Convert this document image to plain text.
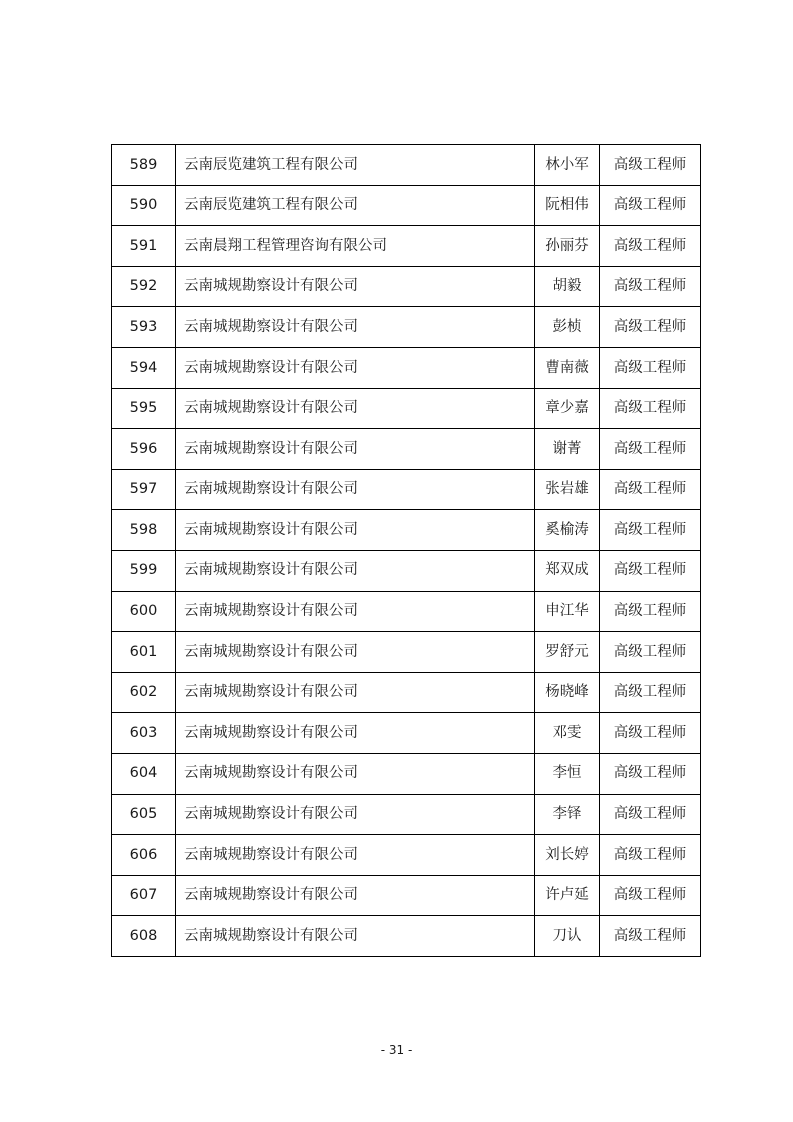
589	云南辰览建筑工程有限公司	林小军	高级工程师
590	云南辰览建筑工程有限公司	阮相伟	高级工程师
591	云南晨翔工程管理咨询有限公司	孙丽芬	高级工程师
592	云南城规勘察设计有限公司	胡毅	高级工程师
593	云南城规勘察设计有限公司	彭桢	高级工程师
594	云南城规勘察设计有限公司	曹南薇	高级工程师
595	云南城规勘察设计有限公司	章少嘉	高级工程师
596	云南城规勘察设计有限公司	谢菁	高级工程师
597	云南城规勘察设计有限公司	张岩雄	高级工程师
598	云南城规勘察设计有限公司	奚榆涛	高级工程师
599	云南城规勘察设计有限公司	郑双成	高级工程师
600	云南城规勘察设计有限公司	申江华	高级工程师
601	云南城规勘察设计有限公司	罗舒元	高级工程师
602	云南城规勘察设计有限公司	杨晓峰	高级工程师
603	云南城规勘察设计有限公司	邓雯	高级工程师
604	云南城规勘察设计有限公司	李恒	高级工程师
605	云南城规勘察设计有限公司	李铎	高级工程师
606	云南城规勘察设计有限公司	刘长婷	高级工程师
607	云南城规勘察设计有限公司	许卢延	高级工程师
608	云南城规勘察设计有限公司	刀认	高级工程师
- 31 -
